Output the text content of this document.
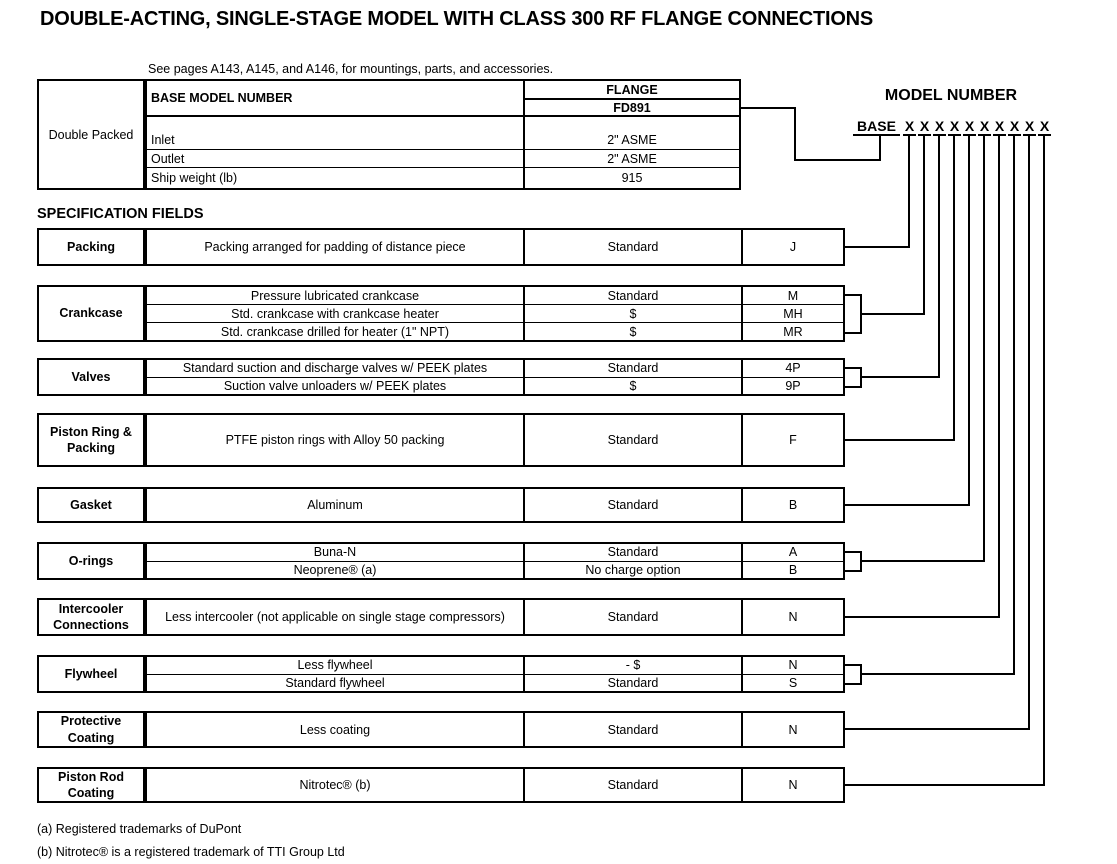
DOUBLE-ACTING, SINGLE-STAGE MODEL WITH CLASS 300 RF FLANGE CONNECTIONS
See pages A143, A145, and A146, for mountings, parts, and accessories.
Double Packed
BASE MODEL NUMBER
FLANGE
FD891
Inlet	2" ASME
Outlet	2" ASME
Ship weight (lb)	915
MODEL NUMBER
BASE X X X X X X X X X X
SPECIFICATION FIELDS
Packing	Packing arranged for padding of distance piece	Standard	J
Crankcase
Pressure lubricated crankcase	Standard	M
Std. crankcase with crankcase heater	$	MH
Std. crankcase drilled for heater (1" NPT)	$	MR
Valves
Standard suction and discharge valves w/ PEEK plates	Standard	4P
Suction valve unloaders w/ PEEK plates	$	9P
Piston Ring & Packing
PTFE piston rings with Alloy 50 packing	Standard	F
Gasket	Aluminum	Standard	B
O-rings
Buna-N	Standard	A
Neoprene® (a)	No charge option	B
Intercooler Connections
Less intercooler (not applicable on single stage compressors)	Standard	N
Flywheel
Less flywheel	- $	N
Standard flywheel	Standard	S
Protective Coating
Less coating	Standard	N
Piston Rod Coating
Nitrotec® (b)	Standard	N
(a) Registered trademarks of DuPont
(b) Nitrotec® is a registered trademark of TTI Group Ltd
